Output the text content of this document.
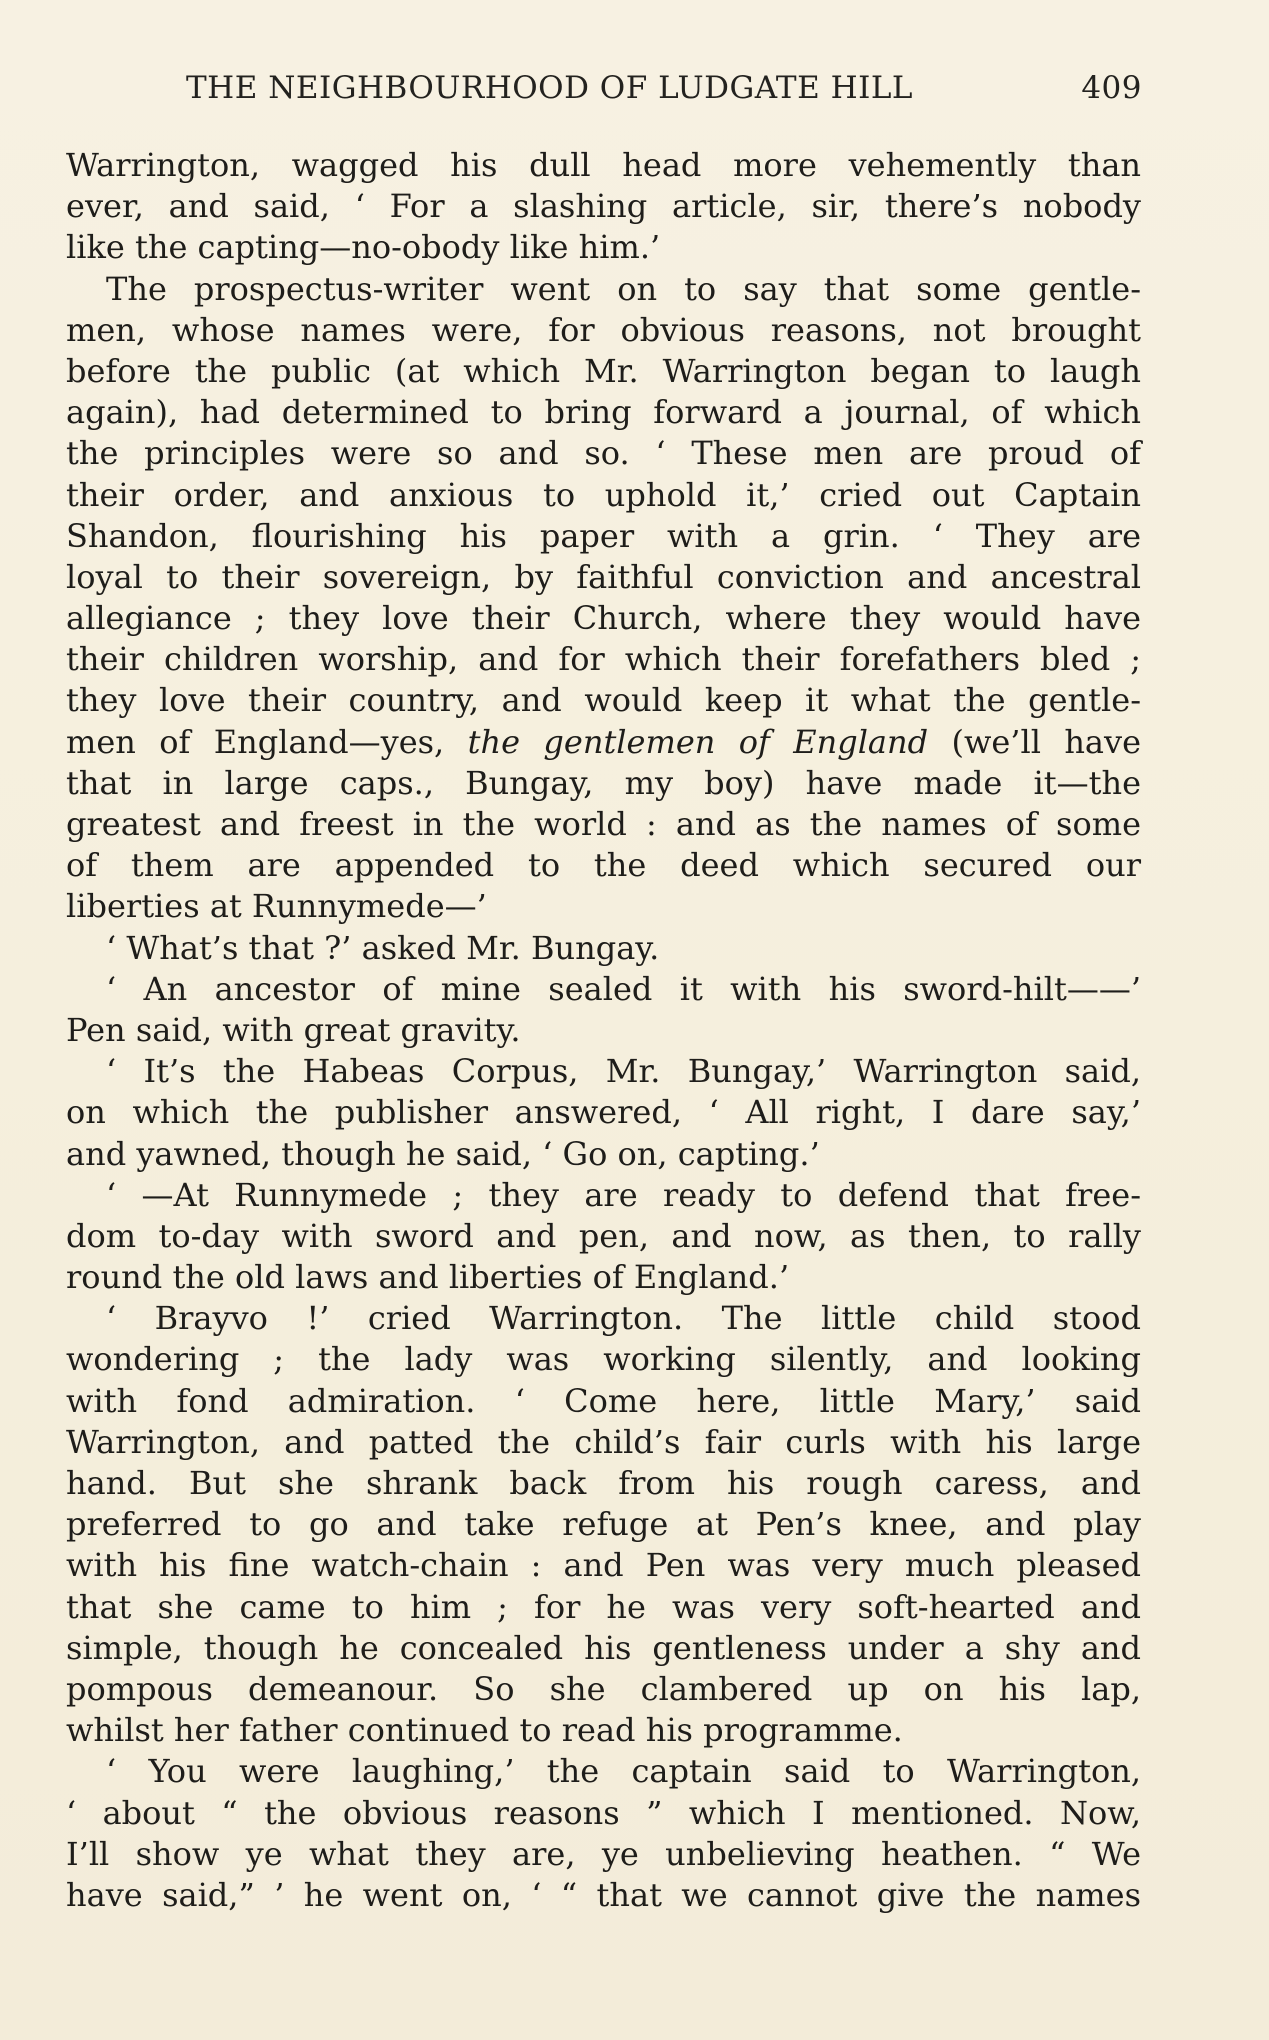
THE NEIGHBOURHOOD OF LUDGATE HILL	409
Warrington, wagged his dull head more vehemently than
ever, and said, ‘ For a slashing article, sir, there’s nobody
like the capting—no-obody like him.’
The prospectus-writer went on to say that some gentle-
men, whose names were, for obvious reasons, not brought
before the public (at which Mr. Warrington began to laugh
again), had determined to bring forward a journal, of which
the principles were so and so. ‘ These men are proud of
their order, and anxious to uphold it,’ cried out Captain
Shandon, flourishing his paper with a grin. ‘ They are
loyal to their sovereign, by faithful conviction and ancestral
allegiance ; they love their Church, where they would have
their children worship, and for which their forefathers bled ;
they love their country, and would keep it what the gentle-
men of England—yes, the gentlemen of England (we’ll have
that in large caps., Bungay, my boy) have made it—the
greatest and freest in the world : and as the names of some
of them are appended to the deed which secured our
liberties at Runnymede—’
‘ What’s that ?’ asked Mr. Bungay.
‘ An ancestor of mine sealed it with his sword-hilt——’
Pen said, with great gravity.
‘ It’s the Habeas Corpus, Mr. Bungay,’ Warrington said,
on which the publisher answered, ‘ All right, I dare say,’
and yawned, though he said, ‘ Go on, capting.’
‘ —At Runnymede ; they are ready to defend that free-
dom to-day with sword and pen, and now, as then, to rally
round the old laws and liberties of England.’
‘ Brayvo !’ cried Warrington. The little child stood
wondering ; the lady was working silently, and looking
with fond admiration. ‘ Come here, little Mary,’ said
Warrington, and patted the child’s fair curls with his large
hand. But she shrank back from his rough caress, and
preferred to go and take refuge at Pen’s knee, and play
with his fine watch-chain : and Pen was very much pleased
that she came to him ; for he was very soft-hearted and
simple, though he concealed his gentleness under a shy and
pompous demeanour. So she clambered up on his lap,
whilst her father continued to read his programme.
‘ You were laughing,’ the captain said to Warrington,
‘ about “ the obvious reasons ” which I mentioned. Now,
I’ll show ye what they are, ye unbelieving heathen. “ We
have said,” ’ he went on, ‘ “ that we cannot give the names
